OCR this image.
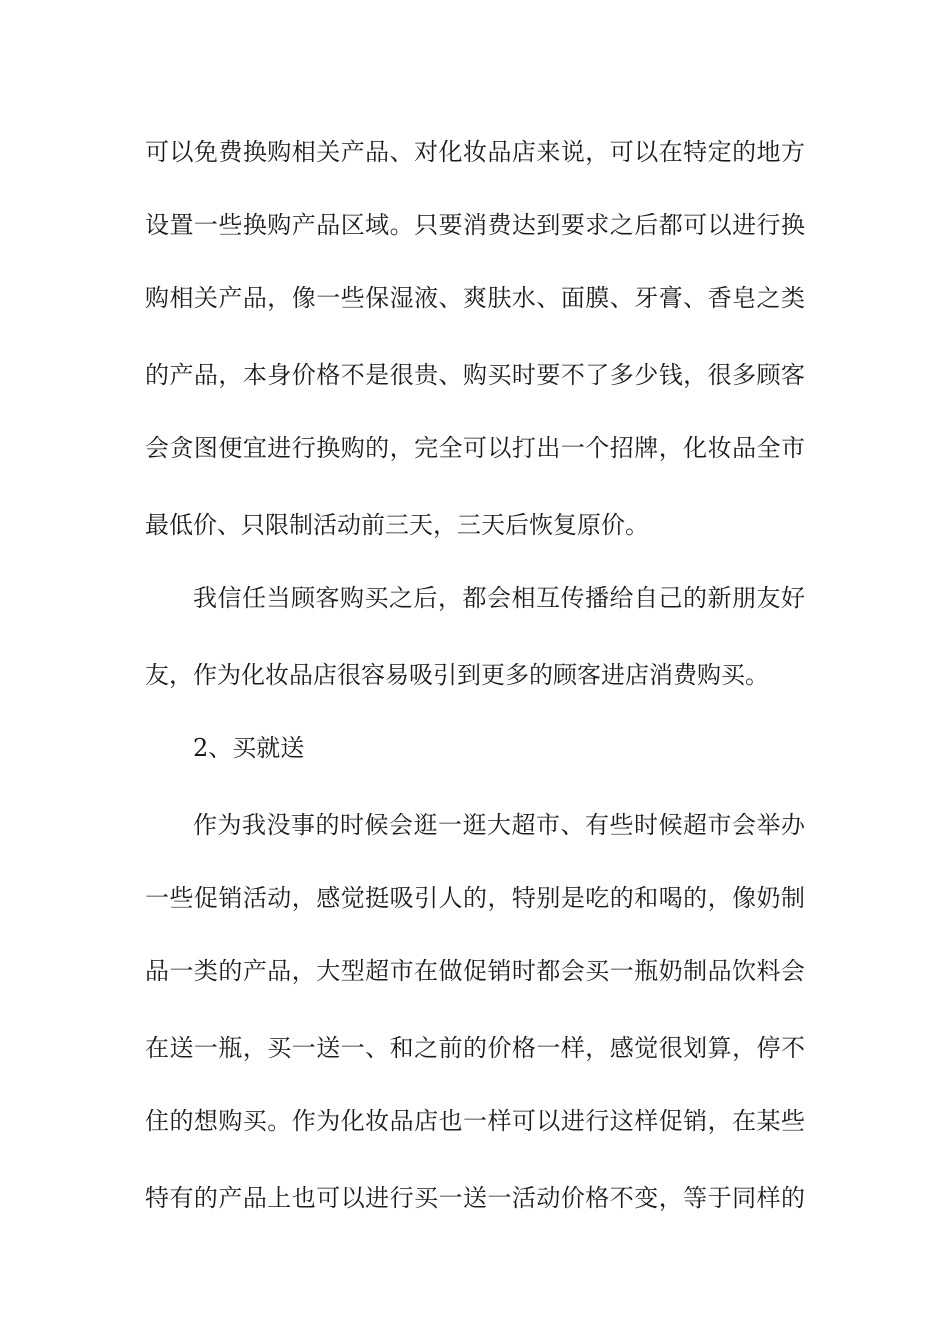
可以免费换购相关产品、对化妆品店来说，可以在特定的地方
设置一些换购产品区域。只要消费达到要求之后都可以进行换
购相关产品，像一些保湿液、爽肤水、面膜、牙膏、香皂之类
的产品，本身价格不是很贵、购买时要不了多少钱，很多顾客
会贪图便宜进行换购的，完全可以打出一个招牌，化妆品全市
最低价、只限制活动前三天，三天后恢复原价。
我信任当顾客购买之后，都会相互传播给自己的新朋友好
友，作为化妆品店很容易吸引到更多的顾客进店消费购买。
2、买就送
作为我没事的时候会逛一逛大超市、有些时候超市会举办
一些促销活动，感觉挺吸引人的，特别是吃的和喝的，像奶制
品一类的产品，大型超市在做促销时都会买一瓶奶制品饮料会
在送一瓶，买一送一、和之前的价格一样，感觉很划算，停不
住的想购买。作为化妆品店也一样可以进行这样促销，在某些
特有的产品上也可以进行买一送一活动价格不变，等于同样的
